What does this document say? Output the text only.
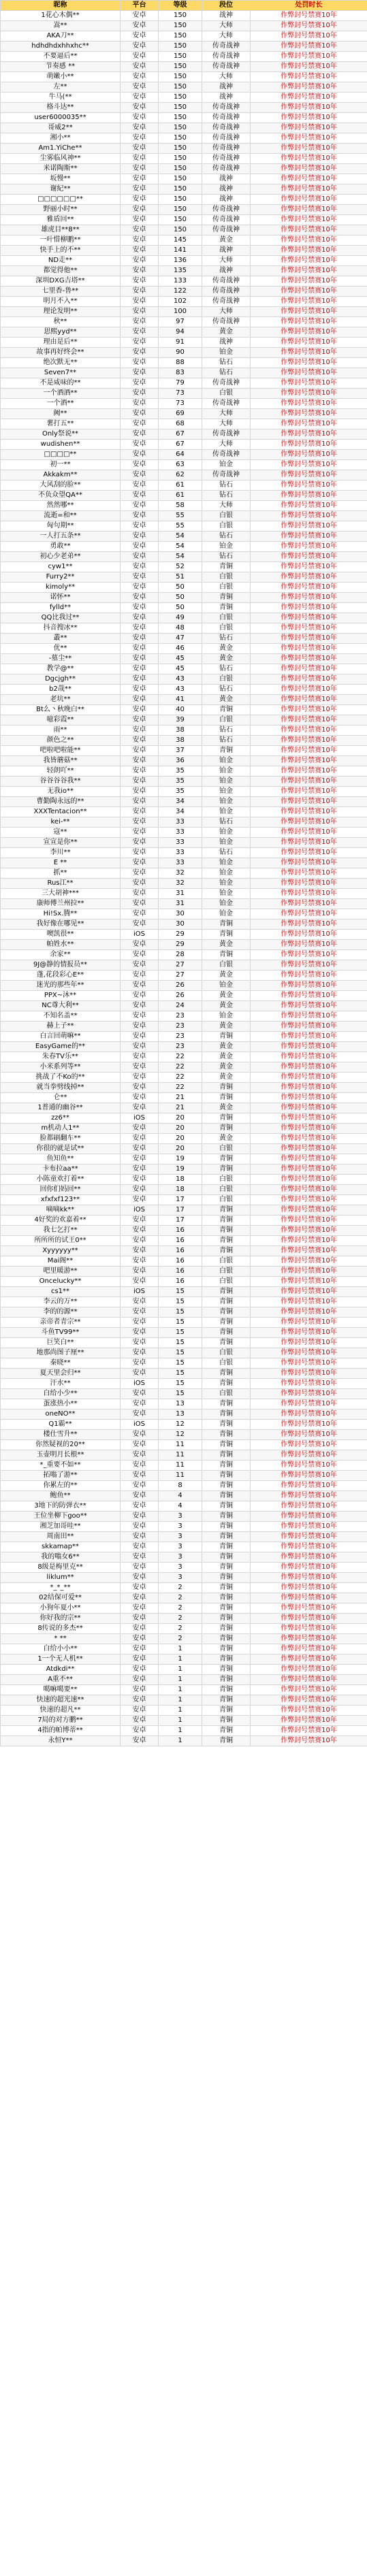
昵称	平台	等级	段位	处罚时长
1花心木偶**	安卓	150	战神	作弊封号禁赛10年
嵩**	安卓	150	大师	作弊封号禁赛10年
AKA刀**	安卓	150	大师	作弊封号禁赛10年
hdhdhdxhhxhc**	安卓	150	传奇战神	作弊封号禁赛10年
不要逼后**	安卓	150	传奇战神	作弊封号禁赛10年
节奏感 **	安卓	150	传奇战神	作弊封号禁赛10年
萌嫩小**	安卓	150	大师	作弊封号禁赛10年
左**	安卓	150	战神	作弊封号禁赛10年
牛马(**	安卓	150	战神	作弊封号禁赛10年
格斗达**	安卓	150	传奇战神	作弊封号禁赛10年
user6000035**	安卓	150	传奇战神	作弊封号禁赛10年
哥威2**	安卓	150	传奇战神	作弊封号禁赛10年
湘小**	安卓	150	传奇战神	作弊封号禁赛10年
Am1.YiChe**	安卓	150	传奇战神	作弊封号禁赛10年
尘雾临风神**	安卓	150	传奇战神	作弊封号禁赛10年
米诺陶斯**	安卓	150	传奇战神	作弊封号禁赛10年
坂慢**	安卓	150	战神	作弊封号禁赛10年
谢紀**	安卓	150	战神	作弊封号禁赛10年
□□□□□□**	安卓	150	战神	作弊封号禁赛10年
野丽小时**	安卓	150	传奇战神	作弊封号禁赛10年
雅盾回**	安卓	150	传奇战神	作弊封号禁赛10年
雄虎目**8**	安卓	150	传奇战神	作弊封号禁赛10年
一叶惜柳鹏**	安卓	145	黄金	作弊封号禁赛10年
快手上的不**	安卓	141	战神	作弊封号禁赛10年
ND走**	安卓	136	大师	作弊封号禁赛10年
都觉得他**	安卓	135	战神	作弊封号禁赛10年
深圳DXG吉塔**	安卓	133	传奇战神	作弊封号禁赛10年
七里香-鲁**	安卓	122	传奇战神	作弊封号禁赛10年
明月不入**	安卓	102	传奇战神	作弊封号禁赛10年
理论发明**	安卓	100	大师	作弊封号禁赛10年
秋**	安卓	97	传奇战神	作弊封号禁赛10年
思熙yyd**	安卓	94	黄金	作弊封号禁赛10年
理由是后**	安卓	91	战神	作弊封号禁赛10年
故事再好终会**	安卓	90	铂金	作弊封号禁赛10年
绝次默无**	安卓	88	钻石	作弊封号禁赛10年
Seven7**	安卓	83	钻石	作弊封号禁赛10年
不是咸味的**	安卓	79	传奇战神	作弊封号禁赛10年
一个酒酒**	安卓	73	白银	作弊封号禁赛10年
一个酒**	安卓	73	传奇战神	作弊封号禁赛10年
阙**	安卓	69	大师	作弊封号禁赛10年
薯打五**	安卓	68	大师	作弊封号禁赛10年
Only祭说**	安卓	67	传奇战神	作弊封号禁赛10年
wudishen**	安卓	67	大师	作弊封号禁赛10年
□□□□**	安卓	64	传奇战神	作弊封号禁赛10年
初一**	安卓	63	铂金	作弊封号禁赛10年
Akkakm**	安卓	62	传奇战神	作弊封号禁赛10年
大风刮的脸**	安卓	61	钻石	作弊封号禁赛10年
不负众望QA**	安卓	61	钻石	作弊封号禁赛10年
然然哪**	安卓	58	大师	作弊封号禁赛10年
流逝=和**	安卓	55	白银	作弊封号禁赛10年
匈句期**	安卓	55	白银	作弊封号禁赛10年
一人打五条**	安卓	54	钻石	作弊封号禁赛10年
勇敢**	安卓	54	铂金	作弊封号禁赛10年
初心少老弟**	安卓	54	钻石	作弊封号禁赛10年
cyw1**	安卓	52	青铜	作弊封号禁赛10年
Furry2**	安卓	51	白银	作弊封号禁赛10年
kimoly**	安卓	50	白银	作弊封号禁赛10年
诺怀**	安卓	50	青铜	作弊封号禁赛10年
fylld**	安卓	50	青铜	作弊封号禁赛10年
QQ比我过**	安卓	49	白银	作弊封号禁赛10年
抖音搜冰**	安卓	48	白银	作弊封号禁赛10年
叢**	安卓	47	钻石	作弊封号禁赛10年
优**	安卓	46	黄金	作弊封号禁赛10年
-墓尘**	安卓	45	黄金	作弊封号禁赛10年
教学@**	安卓	45	钻石	作弊封号禁赛10年
Dgcjgh**	安卓	43	白银	作弊封号禁赛10年
b2哉**	安卓	43	钻石	作弊封号禁赛10年
老坑**	安卓	41	黄金	作弊封号禁赛10年
Bt么丶秋晚白**	安卓	40	青铜	作弊封号禁赛10年
噫彩霞**	安卓	39	白银	作弊封号禁赛10年
雨**	安卓	38	钻石	作弊封号禁赛10年
颜色之**	安卓	38	钻石	作弊封号禁赛10年
吧啦吧啦能**	安卓	37	青铜	作弊封号禁赛10年
我皆蘑菇**	安卓	36	铂金	作弊封号禁赛10年
轻朗吖**	安卓	35	铂金	作弊封号禁赛10年
谷谷谷谷我**	安卓	35	铂金	作弊封号禁赛10年
无我io**	安卓	35	铂金	作弊封号禁赛10年
曹勤陶永远的**	安卓	34	铂金	作弊封号禁赛10年
XXXTentacion**	安卓	34	铂金	作弊封号禁赛10年
kei-**	安卓	33	钻石	作弊封号禁赛10年
寇**	安卓	33	铂金	作弊封号禁赛10年
宣宣是你**	安卓	33	铂金	作弊封号禁赛10年
李川**	安卓	33	钻石	作弊封号禁赛10年
E **	安卓	33	铂金	作弊封号禁赛10年
抓**	安卓	32	铂金	作弊封号禁赛10年
Rus江**	安卓	32	铂金	作弊封号禁赛10年
三大胡神***	安卓	31	铂金	作弊封号禁赛10年
康师傅兰州拉**	安卓	31	铂金	作弊封号禁赛10年
Hi!Sx.腾**	安卓	30	铂金	作弊封号禁赛10年
我好像在哪见**	安卓	30	青铜	作弊封号禁赛10年
噢凯很**	iOS	29	青铜	作弊封号禁赛10年
帕姓水**	安卓	29	黄金	作弊封号禁赛10年
余家**	安卓	28	青铜	作弊封号禁赛10年
9J@静的情报员**	安卓	27	白银	作弊封号禁赛10年
蓬,花段彩心E**	安卓	27	黄金	作弊封号禁赛10年
迷光的那些年**	安卓	26	铂金	作弊封号禁赛10年
PPX~沐**	安卓	26	黄金	作弊封号禁赛10年
NC尊大利**	安卓	24	黄金	作弊封号禁赛10年
不知名盖**	安卓	23	铂金	作弊封号禁赛10年
赫上子**	安卓	23	黄金	作弊封号禁赛10年
白言回萌嘛**	安卓	23	青铜	作弊封号禁赛10年
EasyGame的**	安卓	23	黄金	作弊封号禁赛10年
朱春TV乐**	安卓	22	黄金	作弊封号禁赛10年
小米系列等**	安卓	22	黄金	作弊封号禁赛10年
挑战了不Ko的**	安卓	22	黄金	作弊封号禁赛10年
就当拳劈线掉**	安卓	22	青铜	作弊封号禁赛10年
仑**	安卓	21	青铜	作弊封号禁赛10年
1普通的幽谷**	安卓	21	黄金	作弊封号禁赛10年
zz6**	iOS	20	青铜	作弊封号禁赛10年
m机动人1**	安卓	20	青铜	作弊封号禁赛10年
脸都刷翻车**	安卓	20	黄金	作弊封号禁赛10年
你很的就是试**	安卓	20	白银	作弊封号禁赛10年
鱼知鱼**	安卓	19	青铜	作弊封号禁赛10年
卡布拉aa**	安卓	19	青铜	作弊封号禁赛10年
小陈童欢打着**	安卓	18	白银	作弊封号禁赛10年
回你们妈回**	安卓	18	白银	作弊封号禁赛10年
xfxfxf123**	安卓	17	白银	作弊封号禁赛10年
嘀嘀kk**	iOS	17	青铜	作弊封号禁赛10年
4好奖的欢嘉着**	安卓	17	青铜	作弊封号禁赛10年
我七乞打**	安卓	16	青铜	作弊封号禁赛10年
所所所的试王0**	安卓	16	青铜	作弊封号禁赛10年
Xyyyyyy**	安卓	16	青铜	作弊封号禁赛10年
Mai阁**	安卓	16	白银	作弊封号禁赛10年
吧里暖游**	安卓	16	白银	作弊封号禁赛10年
Oncelucky**	安卓	16	白银	作弊封号禁赛10年
cs1**	iOS	15	青铜	作弊封号禁赛10年
李云的万**	安卓	15	青铜	作弊封号禁赛10年
李的的源**	安卓	15	青铜	作弊封号禁赛10年
亲帝者青宗**	安卓	15	青铜	作弊封号禁赛10年
斗鱼TV99**	安卓	15	青铜	作弊封号禁赛10年
巨笑白**	安卓	15	青铜	作弊封号禁赛10年
地那尚图子厘**	安卓	15	白银	作弊封号禁赛10年
秦晓**	安卓	15	白银	作弊封号禁赛10年
夏天里会归**	安卓	15	青铜	作弊封号禁赛10年
汗水**	iOS	15	青铜	作弊封号禁赛10年
白给小少**	安卓	15	白银	作弊封号禁赛10年
蛋涨热小**	安卓	13	青铜	作弊封号禁赛10年
oneNO**	安卓	13	青铜	作弊封号禁赛10年
Q1霸**	iOS	12	青铜	作弊封号禁赛10年
楼仕雪升**	安卓	12	青铜	作弊封号禁赛10年
你然疑视的20**	安卓	11	青铜	作弊封号禁赛10年
玉壶明月长根**	安卓	11	青铜	作弊封号禁赛10年
*_重要不如**	安卓	11	青铜	作弊封号禁赛10年
拓嗡了游**	安卓	11	青铜	作弊封号禁赛10年
你累左的**	安卓	8	青铜	作弊封号禁赛10年
鲍鱼**	安卓	4	青铜	作弊封号禁赛10年
3地下的防弹衣**	安卓	4	青铜	作弊封号禁赛10年
王位坐柳下goo**	安卓	3	青铜	作弊封号禁赛10年
湘芝加哥哇**	安卓	3	青铜	作弊封号禁赛10年
周南田**	安卓	3	青铜	作弊封号禁赛10年
skkamap**	安卓	3	青铜	作弊封号禁赛10年
我的嗡女6**	安卓	3	青铜	作弊封号禁赛10年
8级是梅里克**	安卓	3	青铜	作弊封号禁赛10年
liklum**	安卓	3	青铜	作弊封号禁赛10年
*_*_**	安卓	2	青铜	作弊封号禁赛10年
02结保可爱**	安卓	2	青铜	作弊封号禁赛10年
小狗年夏小**	安卓	2	青铜	作弊封号禁赛10年
你好我的宗**	安卓	2	青铜	作弊封号禁赛10年
8传说的多杰**	安卓	2	青铜	作弊封号禁赛10年
* **	安卓	2	青铜	作弊封号禁赛10年
白给小小**	安卓	1	青铜	作弊封号禁赛10年
1一个无人机**	安卓	1	青铜	作弊封号禁赛10年
Atdkdi**	安卓	1	青铜	作弊封号禁赛10年
A重不**	安卓	1	青铜	作弊封号禁赛10年
噶嘛噶要**	安卓	1	青铜	作弊封号禁赛10年
快速的超光速**	安卓	1	青铜	作弊封号禁赛10年
快速的超凡**	安卓	1	青铜	作弊封号禁赛10年
7局的对方鹏**	安卓	1	青铜	作弊封号禁赛10年
4指的帕博蒂**	安卓	1	青铜	作弊封号禁赛10年
永恒Y**	安卓	1	青铜	作弊封号禁赛10年
